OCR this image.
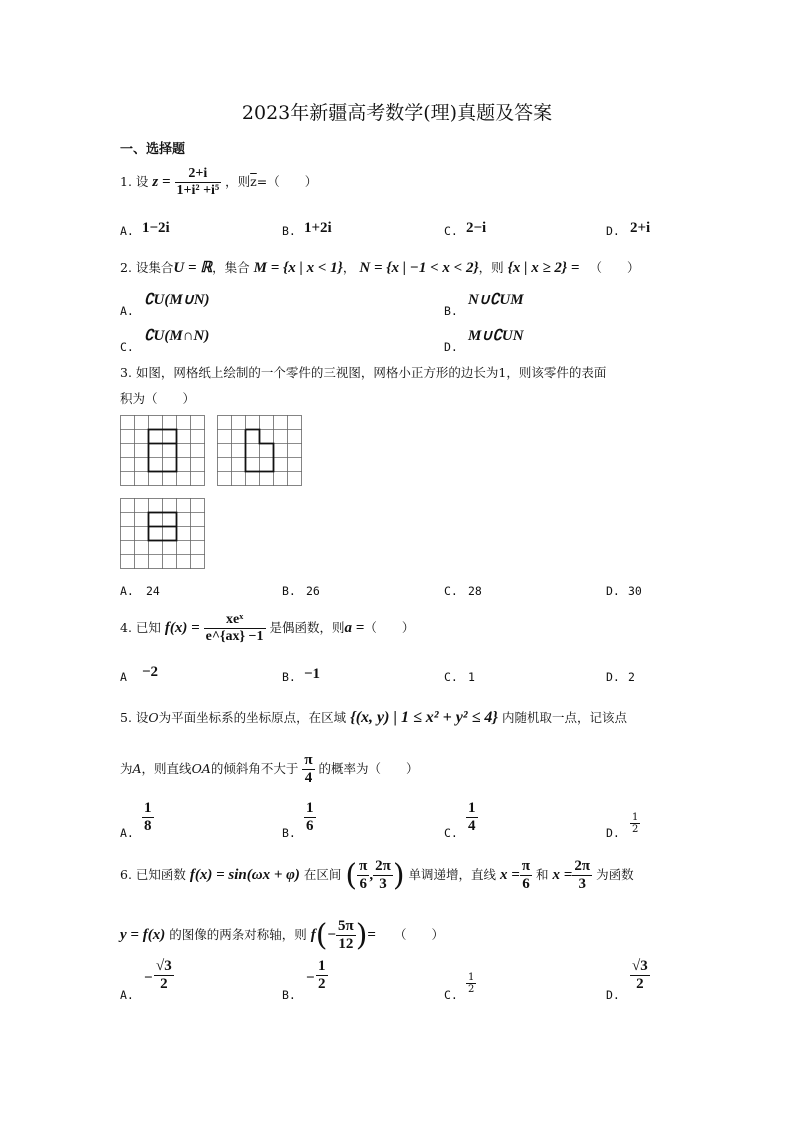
2023年新疆高考数学(理)真题及答案
一、选择题
1. 设 $z = \frac{2+i}{\text{1+i² +i⁵}}$ ，则$\overline{z}=$（　　）
A. 1−2i	B. 1+2i	C. 2−i	D. 2+i
2. 设集合U = ℝ，集合 M = {x | x < 1}， N = {x | −1 < x < 2}，则 {x | x ≥ 2} = （　　）
A.
∁U(M∪N)
B.
N∪∁UM
C.
∁U(M∩N)
D.
M∪∁UN
3. 如图，网格纸上绘制的一个零件的三视图，网格小正方形的边长为1，则该零件的表面
积为（　　）
A. 24	B. 26	C. 28	D. 30
4. 已知 $f(x) = \frac{\text{xeˣ}}{e\^{}\{ax\} -1}$ 是偶函数，则a =（　　）
A −2	B. −1	C. 1	D. 2
5. 设O为平面坐标系的坐标原点，在区域 {(x, y) | 1 ≤ x² + y² ≤ 4} 内随机取一点，记该点
为A，则直线OA的倾斜角不大于 $\frac{\pi}{4}$ 的概率为（　　）
A. $\frac{1}{8}$	B. $\frac{1}{6}$	C. $\frac{1}{4}$	D. $\frac{1}{2}$
6. 已知函数 f(x) = sin(ωx + φ) 在区间 ( $\frac{\pi}{6}$ , $\frac{2\pi}{3}$ ) 单调递增，直线 $x = \frac{\pi}{6}$ 和 $x = \frac{2\pi}{3}$ 为函数
y = f(x) 的图像的两条对称轴，则 $f(- \frac{5\pi}{12}$ )= （　　）
A.
− $\frac{√3}{2}$
B.
− $\frac{1}{2}$
C. $\frac{1}{2}$	D.
$\frac{√3}{2}$
